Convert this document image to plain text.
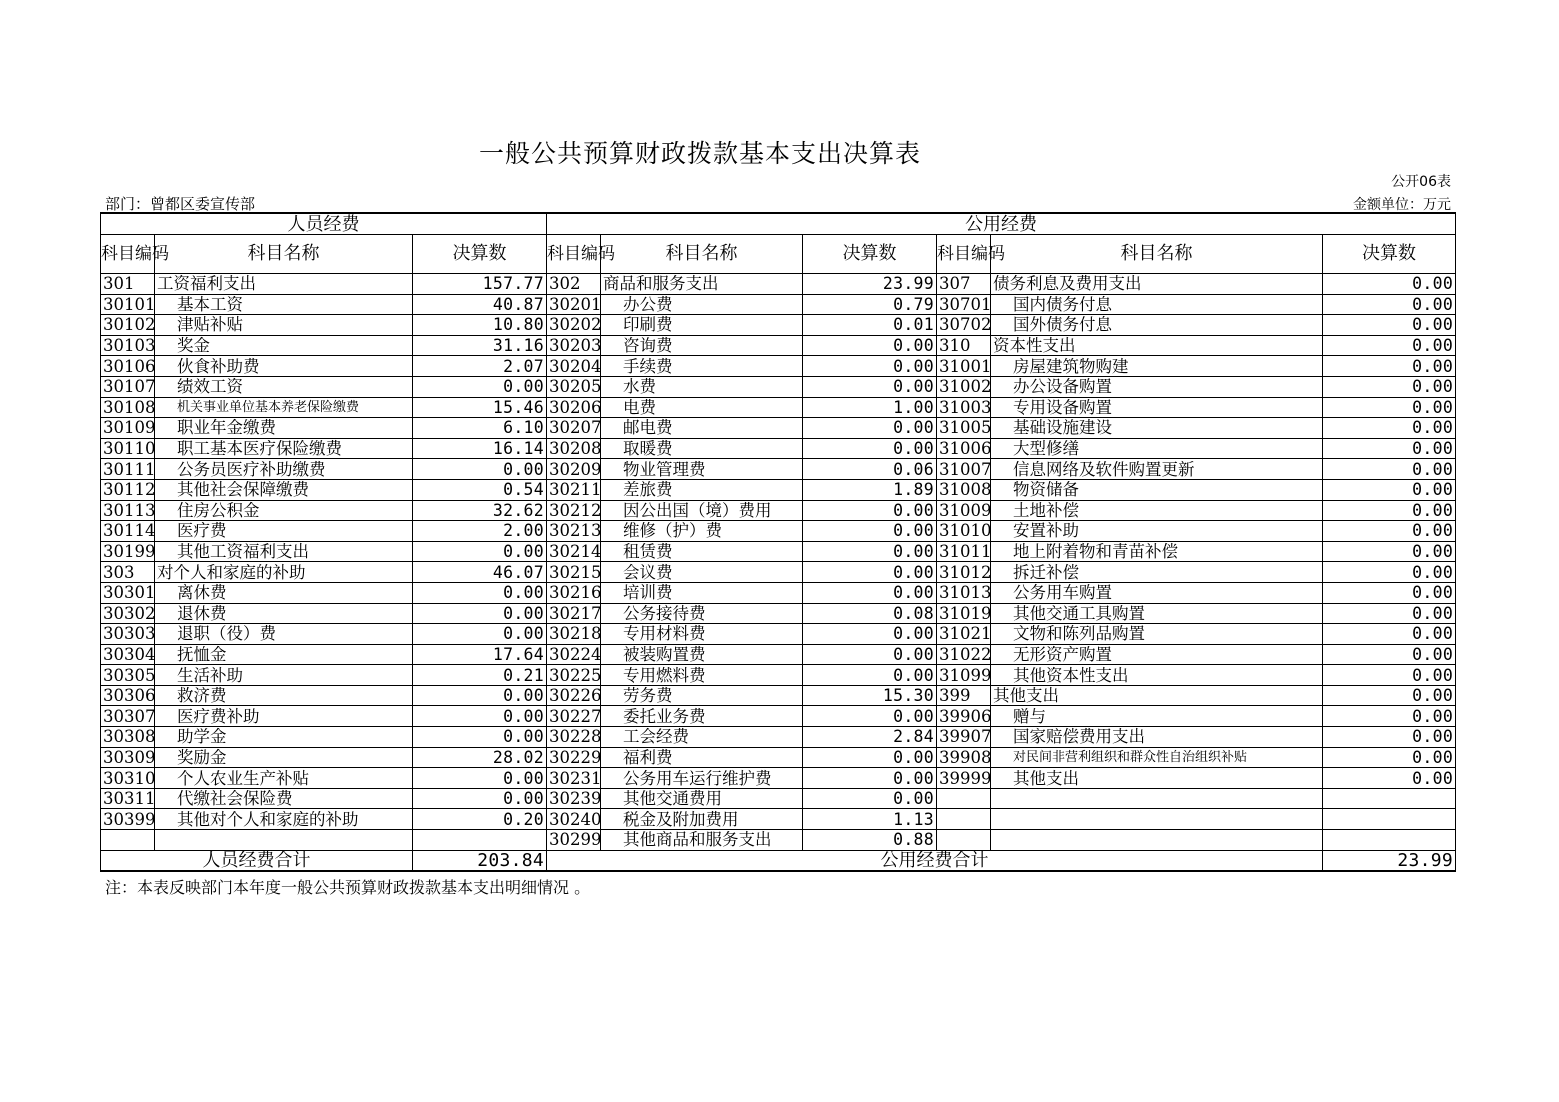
一般公共预算财政拨款基本支出决算表
公开06表
部门：曾都区委宣传部	金额单位：万元
人员经费			公用经费					
科目编码	科目名称	决算数	科目编码	科目名称	决算数	科目编码	科目名称	决算数
301	工资福利支出	157.77	302	商品和服务支出	23.99	307	债务利息及费用支出	0.00
30101	基本工资	40.87	30201	办公费	0.79	30701	国内债务付息	0.00
30102	津贴补贴	10.80	30202	印刷费	0.01	30702	国外债务付息	0.00
30103	奖金	31.16	30203	咨询费	0.00	310	资本性支出	0.00
30106	伙食补助费	2.07	30204	手续费	0.00	31001	房屋建筑物购建	0.00
30107	绩效工资	0.00	30205	水费	0.00	31002	办公设备购置	0.00
30108	机关事业单位基本养老保险缴费	15.46	30206	电费	1.00	31003	专用设备购置	0.00
30109	职业年金缴费	6.10	30207	邮电费	0.00	31005	基础设施建设	0.00
30110	职工基本医疗保险缴费	16.14	30208	取暖费	0.00	31006	大型修缮	0.00
30111	公务员医疗补助缴费	0.00	30209	物业管理费	0.06	31007	信息网络及软件购置更新	0.00
30112	其他社会保障缴费	0.54	30211	差旅费	1.89	31008	物资储备	0.00
30113	住房公积金	32.62	30212	因公出国（境）费用	0.00	31009	土地补偿	0.00
30114	医疗费	2.00	30213	维修（护）费	0.00	31010	安置补助	0.00
30199	其他工资福利支出	0.00	30214	租赁费	0.00	31011	地上附着物和青苗补偿	0.00
303	对个人和家庭的补助	46.07	30215	会议费	0.00	31012	拆迁补偿	0.00
30301	离休费	0.00	30216	培训费	0.00	31013	公务用车购置	0.00
30302	退休费	0.00	30217	公务接待费	0.08	31019	其他交通工具购置	0.00
30303	退职（役）费	0.00	30218	专用材料费	0.00	31021	文物和陈列品购置	0.00
30304	抚恤金	17.64	30224	被装购置费	0.00	31022	无形资产购置	0.00
30305	生活补助	0.21	30225	专用燃料费	0.00	31099	其他资本性支出	0.00
30306	救济费	0.00	30226	劳务费	15.30	399	其他支出	0.00
30307	医疗费补助	0.00	30227	委托业务费	0.00	39906	赠与	0.00
30308	助学金	0.00	30228	工会经费	2.84	39907	国家赔偿费用支出	0.00
30309	奖励金	28.02	30229	福利费	0.00	39908	对民间非营利组织和群众性自治组织补贴	0.00
30310	个人农业生产补贴	0.00	30231	公务用车运行维护费	0.00	39999	其他支出	0.00
30311	代缴社会保险费	0.00	30239	其他交通费用	0.00			
30399	其他对个人和家庭的补助	0.20	30240	税金及附加费用	1.13			
			30299	其他商品和服务支出	0.88			
人员经费合计		203.84	公用经费合计					23.99
注：本表反映部门本年度一般公共预算财政拨款基本支出明细情况 。
